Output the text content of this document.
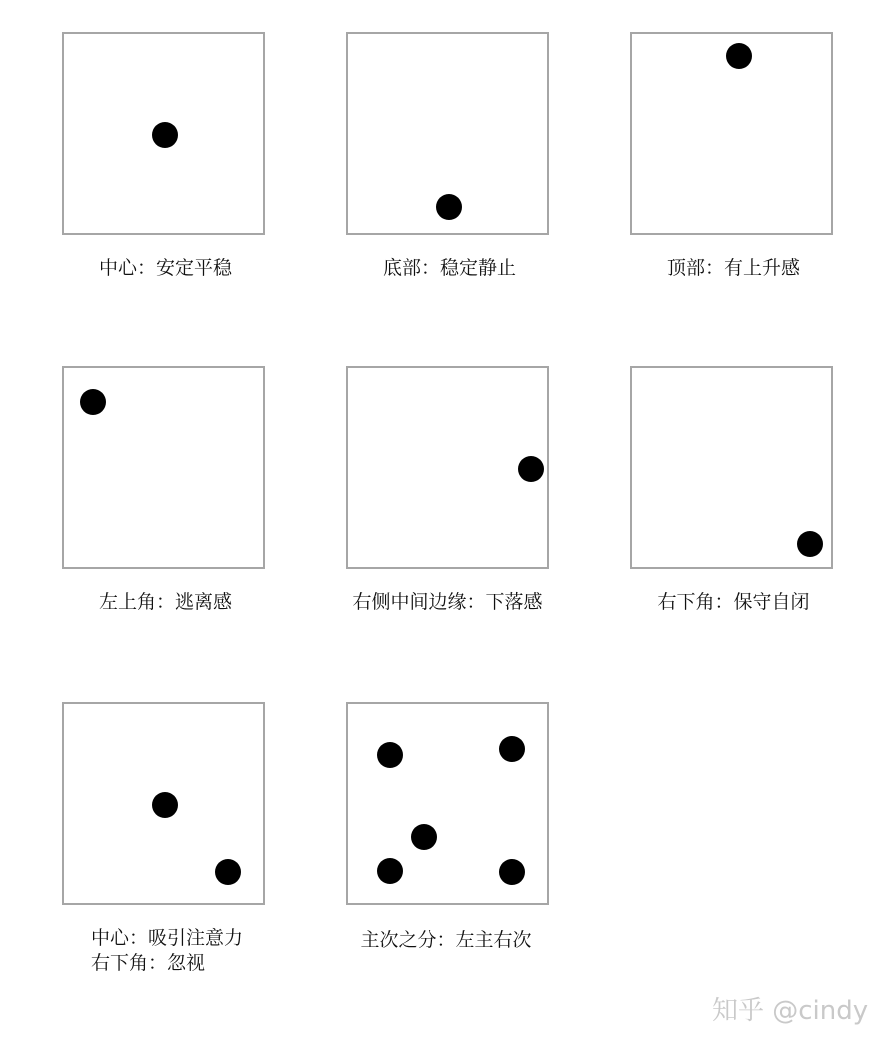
中心：安定平稳	底部：稳定静止	顶部：有上升感
左上角：逃离感	右侧中间边缘：下落感	右下角：保守自闭
中心：吸引注意力
右下角：忽视
主次之分：左主右次
知乎 @cindy
